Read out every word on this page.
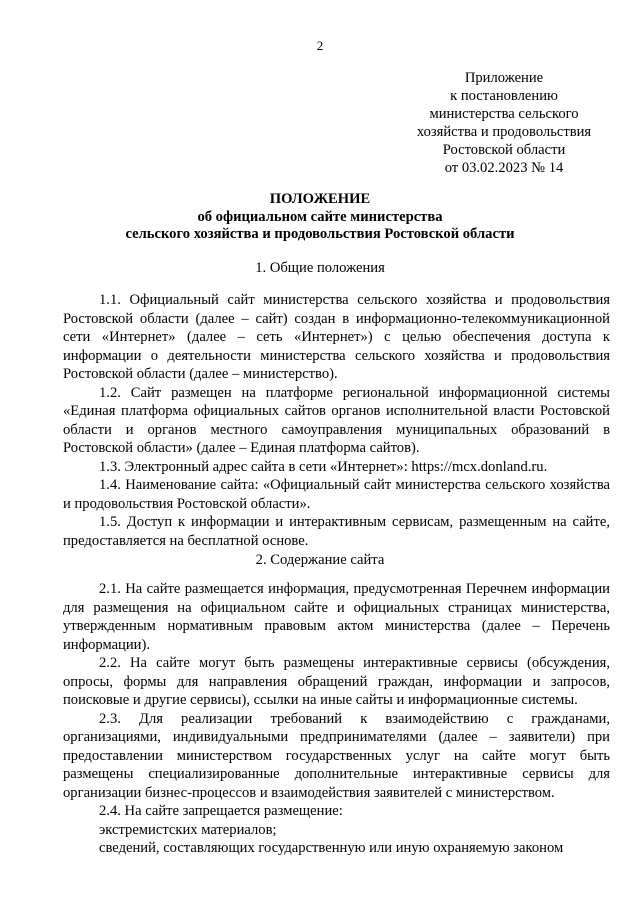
2
Приложение
к постановлению
министерства сельского
хозяйства и продовольствия
Ростовской области
от 03.02.2023 № 14
ПОЛОЖЕНИЕ
об официальном сайте министерства
сельского хозяйства и продовольствия Ростовской области
1. Общие положения

1.1. Официальный сайт министерства сельского хозяйства и продовольствия Ростовской области (далее – сайт) создан в информационно-телекоммуникационной сети «Интернет» (далее – сеть «Интернет») с целью обеспечения доступа к информации о деятельности министерства сельского хозяйства и продовольствия Ростовской области (далее – министерство).

1.2. Сайт размещен на платформе региональной информационной системы «Единая платформа официальных сайтов органов исполнительной власти Ростовской области и органов местного самоуправления муниципальных образований в Ростовской области» (далее – Единая платформа сайтов).

1.3. Электронный адрес сайта в сети «Интернет»: https://mcx.donland.ru.

1.4. Наименование сайта: «Официальный сайт министерства сельского хозяйства и продовольствия Ростовской области».

1.5. Доступ к информации и интерактивным сервисам, размещенным на сайте, предоставляется на бесплатной основе.

2. Содержание сайта

2.1. На сайте размещается информация, предусмотренная Перечнем информации для размещения на официальном сайте и официальных страницах министерства, утвержденным нормативным правовым актом министерства (далее – Перечень информации).

2.2. На сайте могут быть размещены интерактивные сервисы (обсуждения, опросы, формы для направления обращений граждан, информации и запросов, поисковые и другие сервисы), ссылки на иные сайты и информационные системы.

2.3. Для реализации требований к взаимодействию с гражданами, организациями, индивидуальными предпринимателями (далее – заявители) при предоставлении министерством государственных услуг на сайте могут быть размещены специализированные дополнительные интерактивные сервисы для организации бизнес-процессов и взаимодействия заявителей с министерством.

2.4. На сайте запрещается размещение:

экстремистских материалов;

сведений, составляющих государственную или иную охраняемую законом
